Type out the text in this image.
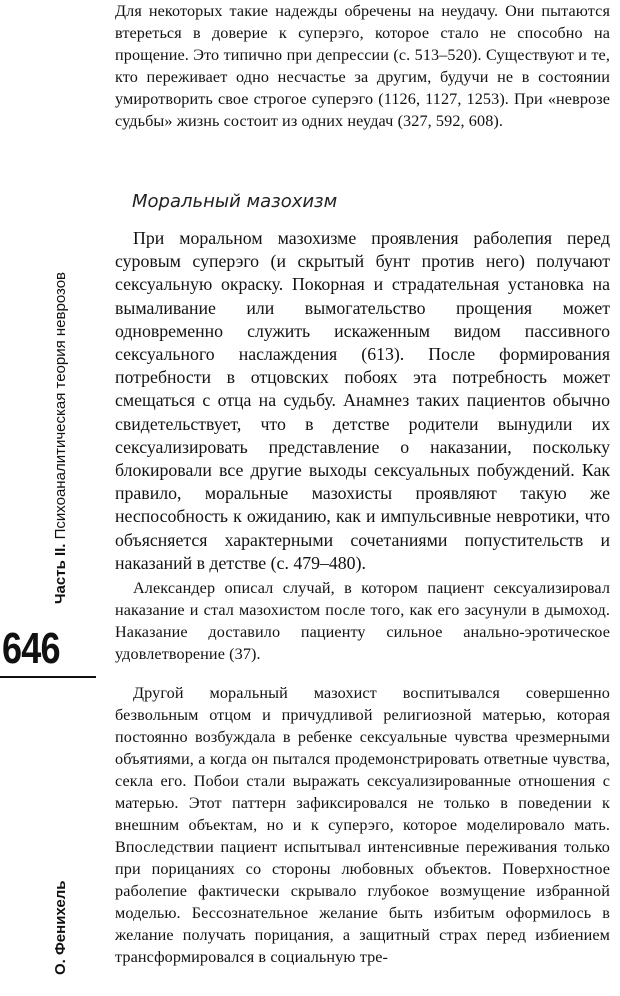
Часть II. Психоаналитическая теория неврозов
646
О. Фенихель

Для некоторых такие надежды обречены на неудачу. Они пытаются втереться в доверие к суперэго, которое стало не способно на прощение. Это типично при депрессии (с. 513–520). Существуют и те, кто переживает одно несчастье за другим, будучи не в состоянии умиротворить свое строгое суперэго (1126, 1127, 1253). При «неврозе судьбы» жизнь состоит из одних неудач (327, 592, 608).

Моральный мазохизм

При моральном мазохизме проявления раболепия перед суровым суперэго (и скрытый бунт против него) получают сексуальную окраску. Покорная и страдательная установка на вымаливание или вымогательство прощения может одновременно служить искаженным видом пассивного сексуального наслаждения (613). После формирования потребности в отцовских побоях эта потребность может смещаться с отца на судьбу. Анамнез таких пациентов обычно свидетельствует, что в детстве родители вынудили их сексуализировать представление о наказании, поскольку блокировали все другие выходы сексуальных побуждений. Как правило, моральные мазохисты проявляют такую же неспособность к ожиданию, как и импульсивные невротики, что объясняется характерными сочетаниями попустительств и наказаний в детстве (с. 479–480).

Александер описал случай, в котором пациент сексуализировал наказание и стал мазохистом после того, как его засунули в дымоход. Наказание доставило пациенту сильное анально-эротическое удовлетворение (37).

Другой моральный мазохист воспитывался совершенно безвольным отцом и причудливой религиозной матерью, которая постоянно возбуждала в ребенке сексуальные чувства чрезмерными объятиями, а когда он пытался продемонстрировать ответные чувства, секла его. Побои стали выражать сексуализированные отношения с матерью. Этот паттерн зафиксировался не только в поведении к внешним объектам, но и к суперэго, которое моделировало мать. Впоследствии пациент испытывал интенсивные переживания только при порицаниях со стороны любовных объектов. Поверхностное раболепие фактически скрывало глубокое возмущение избранной моделью. Бессознательное желание быть избитым оформилось в желание получать порицания, а защитный страх перед избиением трансформировался в социальную тре-
